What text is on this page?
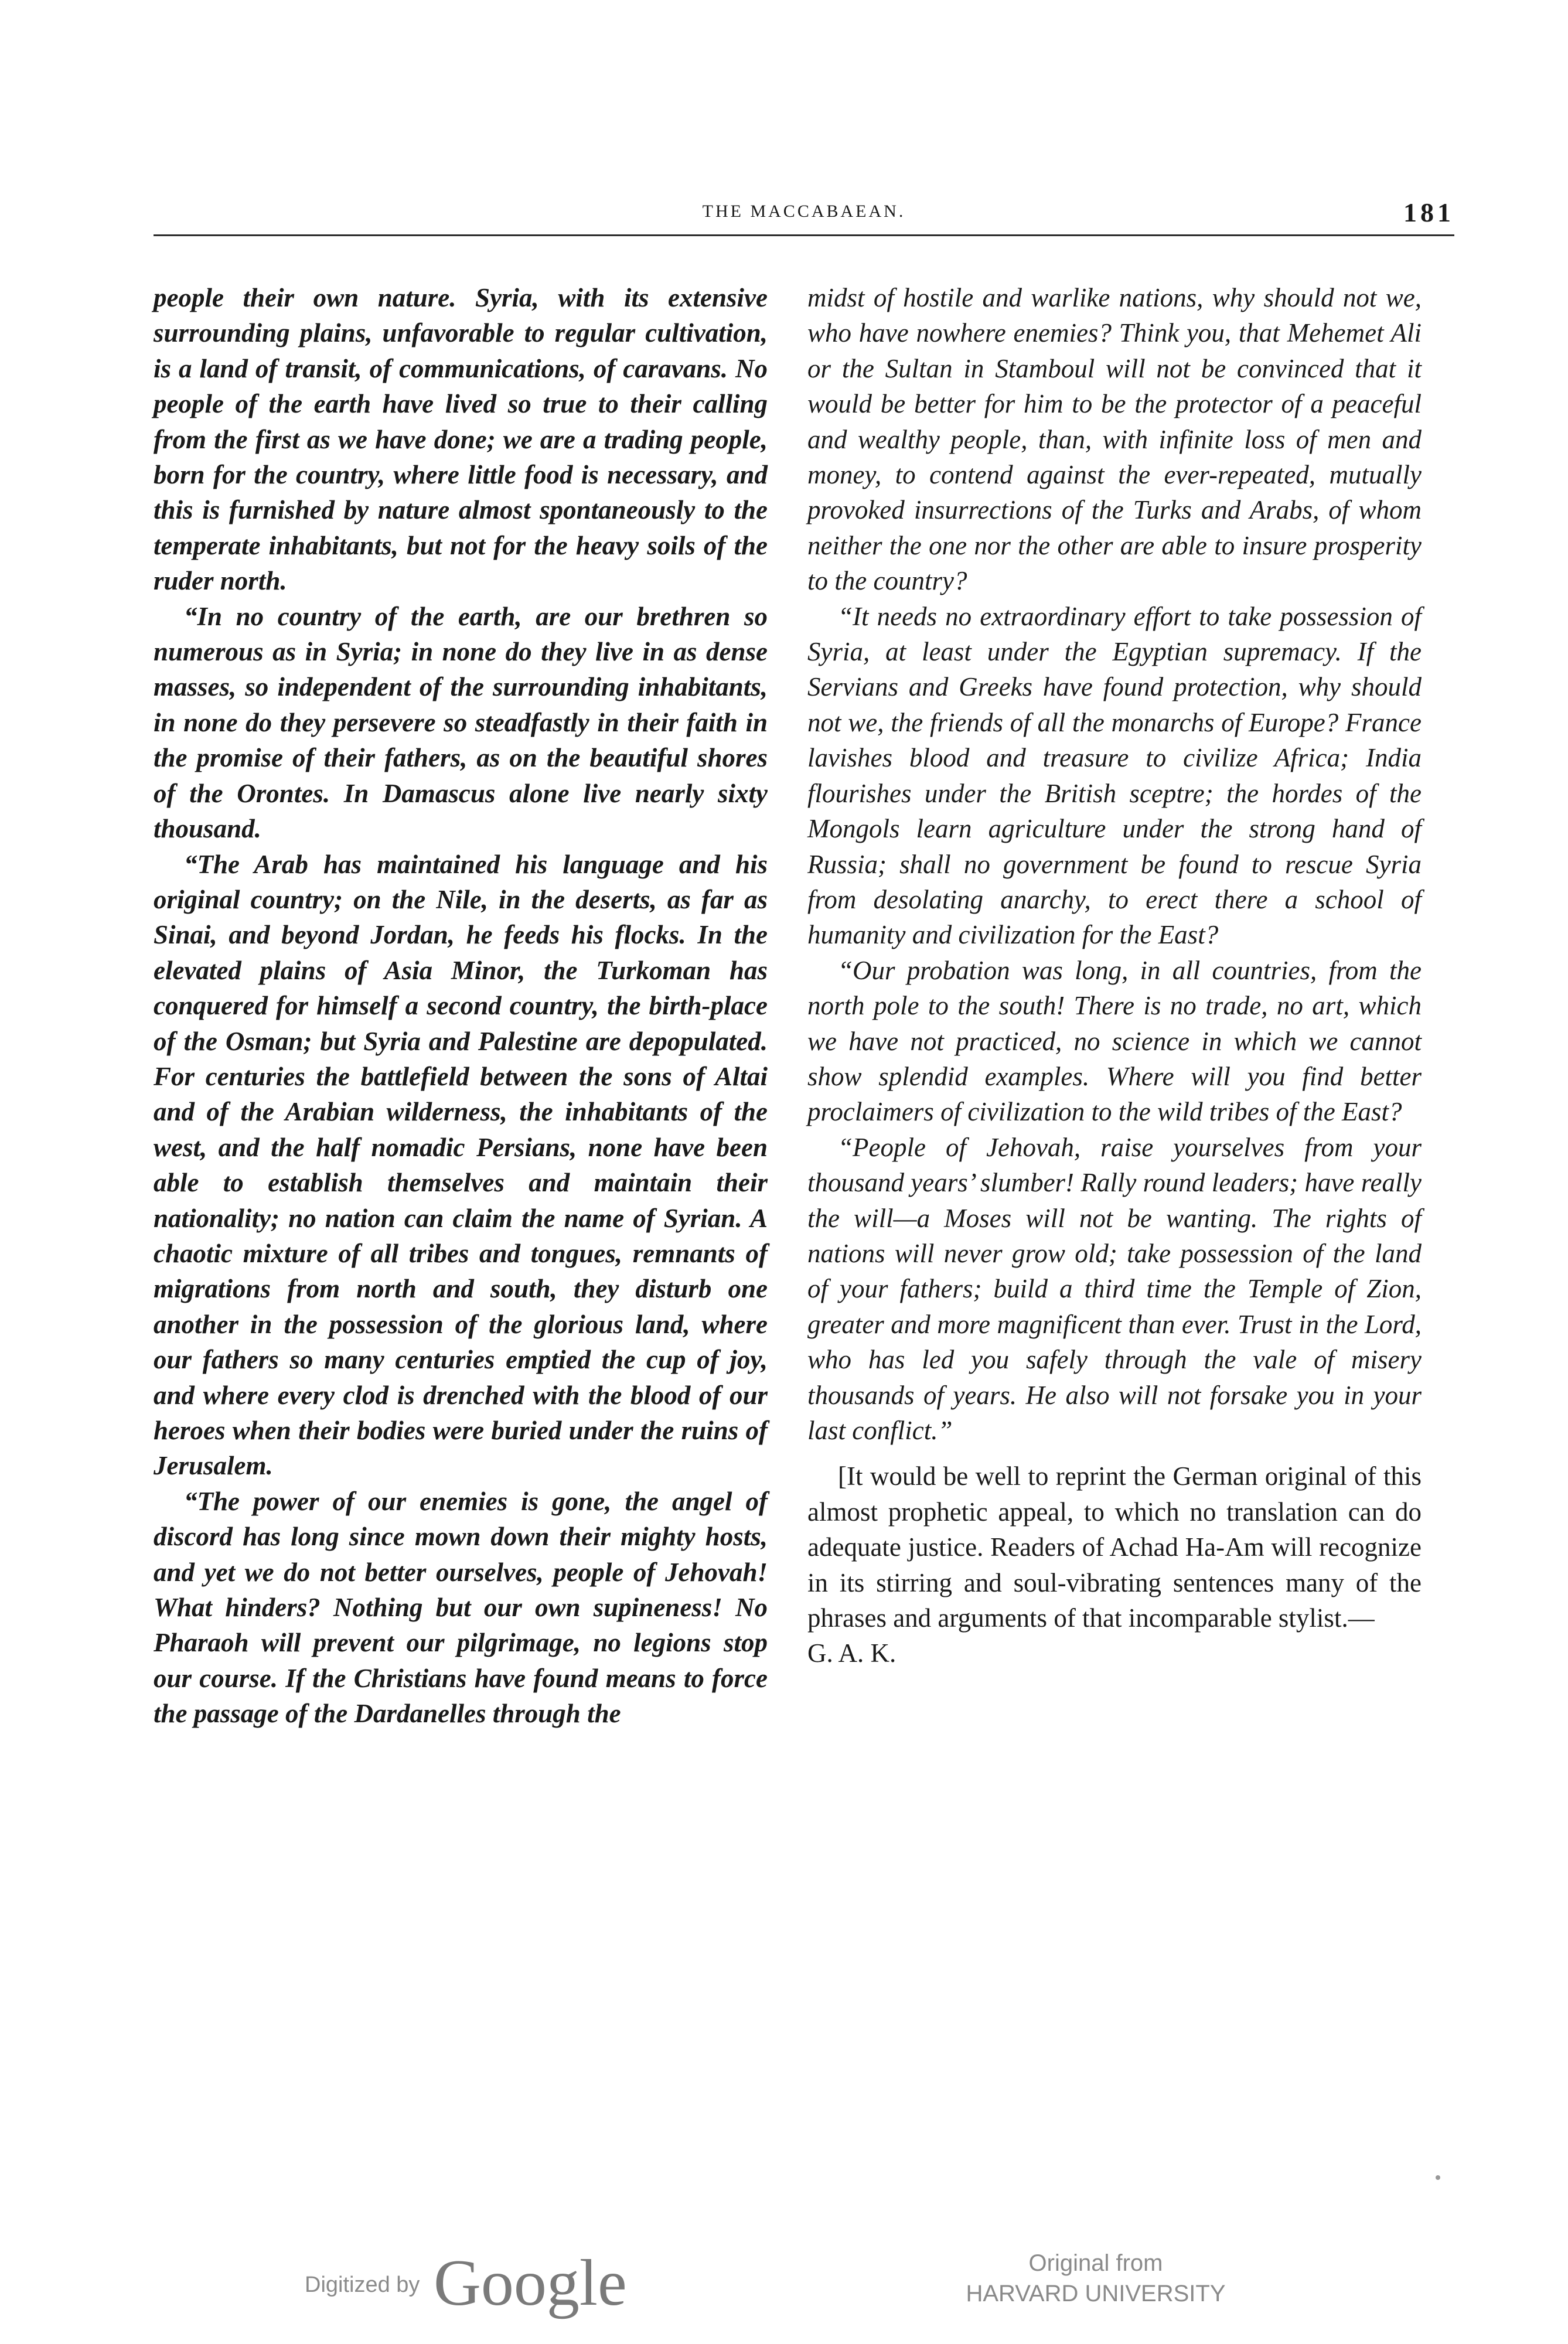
THE MACCABAEAN.	181

people their own nature. Syria, with its extensive surrounding plains, unfavorable to regular cultivation, is a land of transit, of communications, of caravans. No people of the earth have lived so true to their calling from the first as we have done; we are a trading people, born for the country, where little food is necessary, and this is furnished by nature almost spontaneously to the temperate inhabitants, but not for the heavy soils of the ruder north.

“In no country of the earth, are our brethren so numerous as in Syria; in none do they live in as dense masses, so independent of the surrounding inhabitants, in none do they persevere so steadfastly in their faith in the promise of their fathers, as on the beautiful shores of the Orontes. In Damascus alone live nearly sixty thousand.

“The Arab has maintained his language and his original country; on the Nile, in the deserts, as far as Sinai, and beyond Jordan, he feeds his flocks. In the elevated plains of Asia Minor, the Turkoman has conquered for himself a second country, the birth-place of the Osman; but Syria and Palestine are depopulated. For centuries the battlefield between the sons of Altai and of the Arabian wilderness, the inhabitants of the west, and the half nomadic Persians, none have been able to establish themselves and maintain their nationality; no nation can claim the name of Syrian. A chaotic mixture of all tribes and tongues, remnants of migrations from north and south, they disturb one another in the possession of the glorious land, where our fathers so many centuries emptied the cup of joy, and where every clod is drenched with the blood of our heroes when their bodies were buried under the ruins of Jerusalem.

“The power of our enemies is gone, the angel of discord has long since mown down their mighty hosts, and yet we do not better ourselves, people of Jehovah! What hinders? Nothing but our own supineness! No Pharaoh will prevent our pilgrimage, no legions stop our course. If the Christians have found means to force the passage of the Dardanelles through the

midst of hostile and warlike nations, why should not we, who have nowhere enemies? Think you, that Mehemet Ali or the Sultan in Stamboul will not be convinced that it would be better for him to be the protector of a peaceful and wealthy people, than, with infinite loss of men and money, to contend against the ever-repeated, mutually provoked insurrections of the Turks and Arabs, of whom neither the one nor the other are able to insure prosperity to the country?

“It needs no extraordinary effort to take possession of Syria, at least under the Egyptian supremacy. If the Servians and Greeks have found protection, why should not we, the friends of all the monarchs of Europe? France lavishes blood and treasure to civilize Africa; India flourishes under the British sceptre; the hordes of the Mongols learn agriculture under the strong hand of Russia; shall no government be found to rescue Syria from desolating anarchy, to erect there a school of humanity and civilization for the East?

“Our probation was long, in all countries, from the north pole to the south! There is no trade, no art, which we have not practiced, no science in which we cannot show splendid examples. Where will you find better proclaimers of civilization to the wild tribes of the East?

“People of Jehovah, raise yourselves from your thousand years’ slumber! Rally round leaders; have really the will—a Moses will not be wanting. The rights of nations will never grow old; take possession of the land of your fathers; build a third time the Temple of Zion, greater and more magnificent than ever. Trust in the Lord, who has led you safely through the vale of misery thousands of years. He also will not forsake you in your last conflict.”

[It would be well to reprint the German original of this almost prophetic appeal, to which no translation can do adequate justice. Readers of Achad Ha-Am will recognize in its stirring and soul-vibrating sentences many of the phrases and arguments of that incomparable stylist.—

G. A. K.

Digitized by Google	Original from
HARVARD UNIVERSITY
